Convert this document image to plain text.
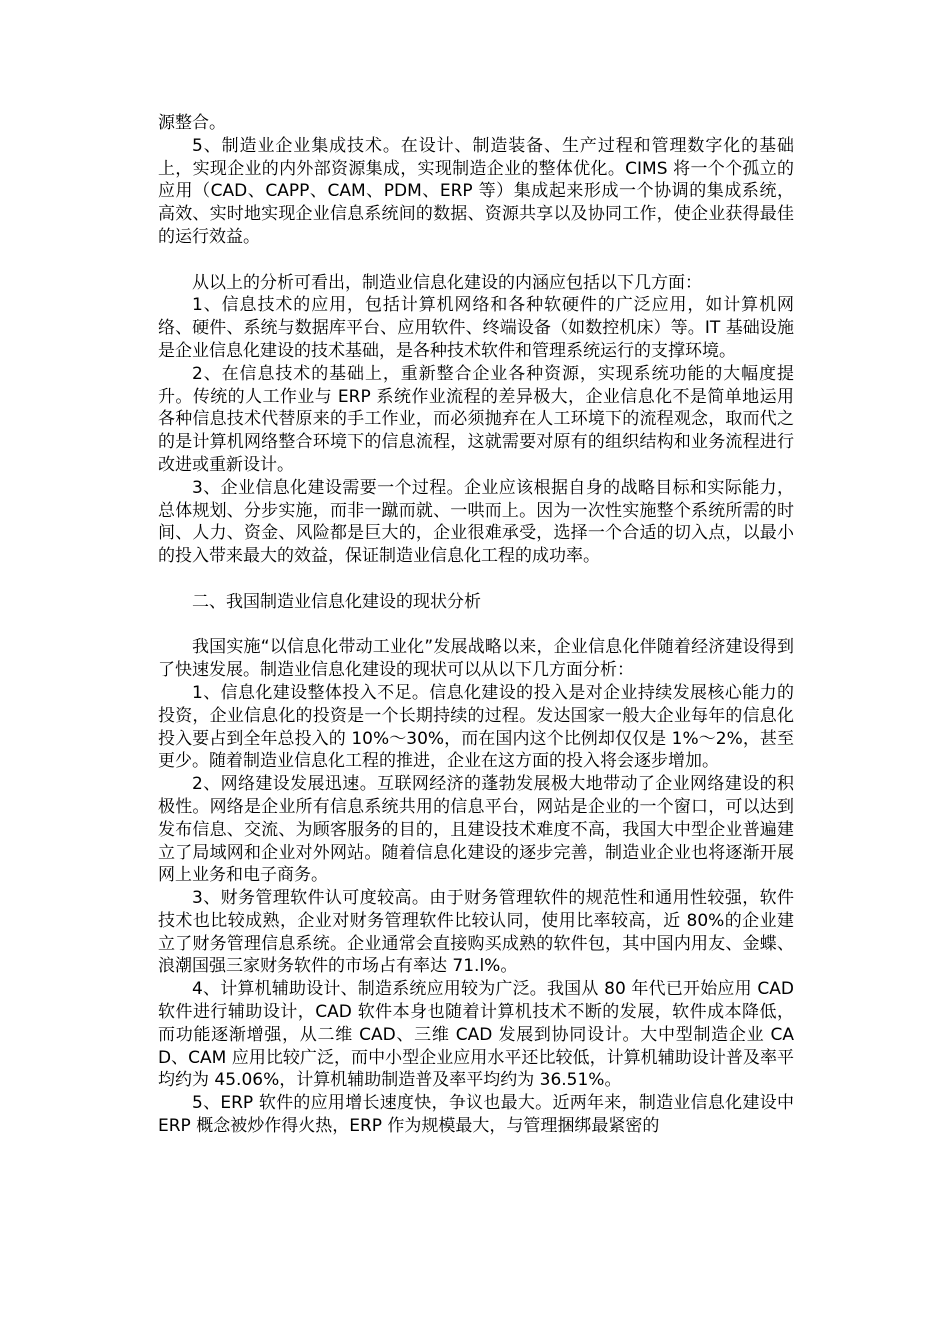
源整合。
5、制造业企业集成技术。在设计、制造装备、生产过程和管理数字化的基础上，实现企业的内外部资源集成，实现制造企业的整体优化。CIMS 将一个个孤立的应用（CAD、CAPP、CAM、PDM、ERP 等）集成起来形成一个协调的集成系统，高效、实时地实现企业信息系统间的数据、资源共享以及协同工作，使企业获得最佳的运行效益。
从以上的分析可看出，制造业信息化建设的内涵应包括以下几方面：
1、信息技术的应用，包括计算机网络和各种软硬件的广泛应用，如计算机网络、硬件、系统与数据库平台、应用软件、终端设备（如数控机床）等。IT 基础设施是企业信息化建设的技术基础，是各种技术软件和管理系统运行的支撑环境。
2、在信息技术的基础上，重新整合企业各种资源，实现系统功能的大幅度提升。传统的人工作业与 ERP 系统作业流程的差异极大，企业信息化不是简单地运用各种信息技术代替原来的手工作业，而必须抛弃在人工环境下的流程观念，取而代之的是计算机网络整合环境下的信息流程，这就需要对原有的组织结构和业务流程进行改进或重新设计。
3、企业信息化建设需要一个过程。企业应该根据自身的战略目标和实际能力，总体规划、分步实施，而非一蹴而就、一哄而上。因为一次性实施整个系统所需的时间、人力、资金、风险都是巨大的，企业很难承受，选择一个合适的切入点，以最小的投入带来最大的效益，保证制造业信息化工程的成功率。
二、我国制造业信息化建设的现状分析
我国实施“以信息化带动工业化”发展战略以来，企业信息化伴随着经济建设得到了快速发展。制造业信息化建设的现状可以从以下几方面分析：
1、信息化建设整体投入不足。信息化建设的投入是对企业持续发展核心能力的投资，企业信息化的投资是一个长期持续的过程。发达国家一般大企业每年的信息化投入要占到全年总投入的 10%～30%，而在国内这个比例却仅仅是 1%～2%，甚至更少。随着制造业信息化工程的推进，企业在这方面的投入将会逐步增加。
2、网络建设发展迅速。互联网经济的蓬勃发展极大地带动了企业网络建设的积极性。网络是企业所有信息系统共用的信息平台，网站是企业的一个窗口，可以达到发布信息、交流、为顾客服务的目的，且建设技术难度不高，我国大中型企业普遍建立了局域网和企业对外网站。随着信息化建设的逐步完善，制造业企业也将逐渐开展网上业务和电子商务。
3、财务管理软件认可度较高。由于财务管理软件的规范性和通用性较强，软件技术也比较成熟，企业对财务管理软件比较认同，使用比率较高，近 80%的企业建立了财务管理信息系统。企业通常会直接购买成熟的软件包，其中国内用友、金蝶、浪潮国强三家财务软件的市场占有率达 71.l%。
4、计算机辅助设计、制造系统应用较为广泛。我国从 80 年代已开始应用 CAD 软件进行辅助设计，CAD 软件本身也随着计算机技术不断的发展，软件成本降低，而功能逐渐增强，从二维 CAD、三维 CAD 发展到协同设计。大中型制造企业 CAD、CAM 应用比较广泛，而中小型企业应用水平还比较低，计算机辅助设计普及率平均约为 45.06%，计算机辅助制造普及率平均约为 36.51%。
5、ERP 软件的应用增长速度快，争议也最大。近两年来，制造业信息化建设中 ERP 概念被炒作得火热，ERP 作为规模最大，与管理捆绑最紧密的
